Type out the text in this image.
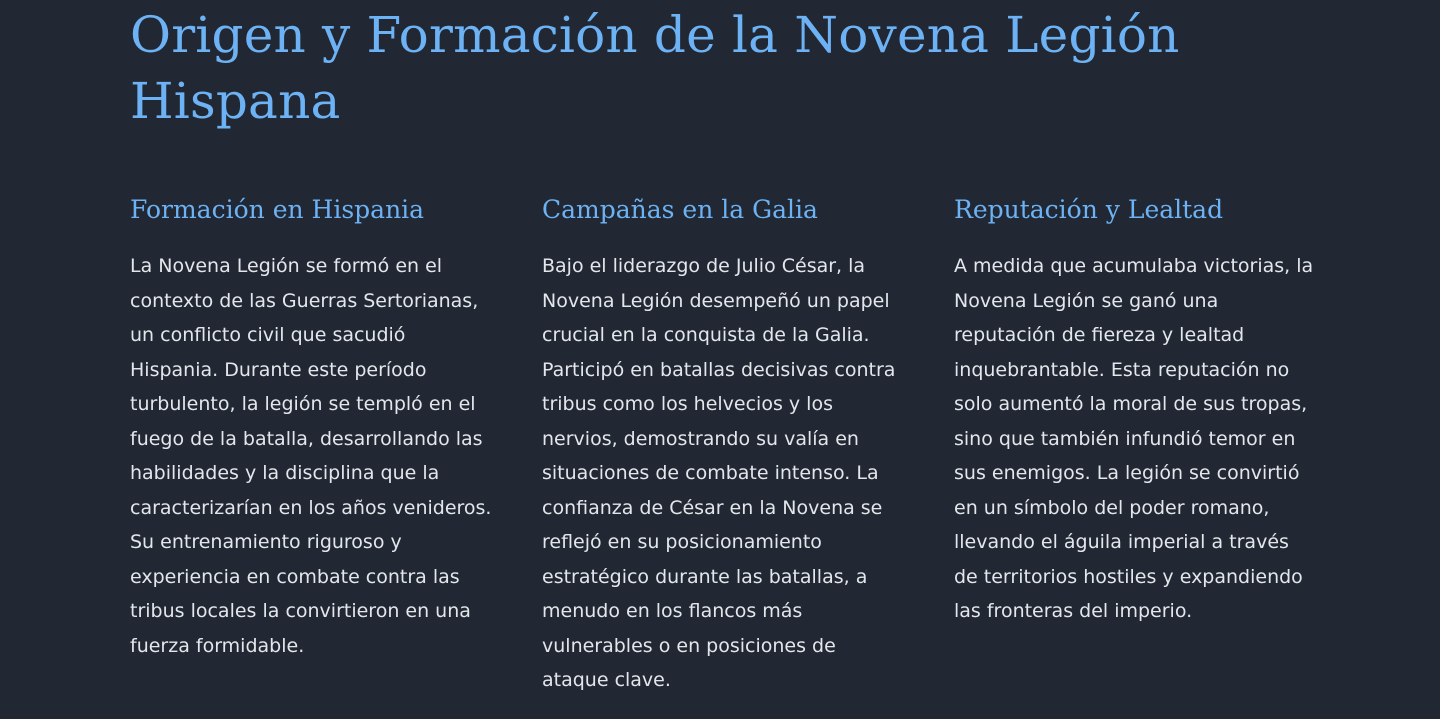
Origen y Formación de la Novena Legión Hispana
Formación en Hispania

La Novena Legión se formó en el contexto de las Guerras Sertorianas, un conflicto civil que sacudió Hispania. Durante este período turbulento, la legión se templó en el fuego de la batalla, desarrollando las habilidades y la disciplina que la caracterizarían en los años venideros. Su entrenamiento riguroso y experiencia en combate contra las tribus locales la convirtieron en una fuerza formidable.

Campañas en la Galia

Bajo el liderazgo de Julio César, la Novena Legión desempeñó un papel crucial en la conquista de la Galia. Participó en batallas decisivas contra tribus como los helvecios y los nervios, demostrando su valía en situaciones de combate intenso. La confianza de César en la Novena se reflejó en su posicionamiento estratégico durante las batallas, a menudo en los flancos más vulnerables o en posiciones de ataque clave.

Reputación y Lealtad

A medida que acumulaba victorias, la Novena Legión se ganó una reputación de fiereza y lealtad inquebrantable. Esta reputación no solo aumentó la moral de sus tropas, sino que también infundió temor en sus enemigos. La legión se convirtió en un símbolo del poder romano, llevando el águila imperial a través de territorios hostiles y expandiendo las fronteras del imperio.
